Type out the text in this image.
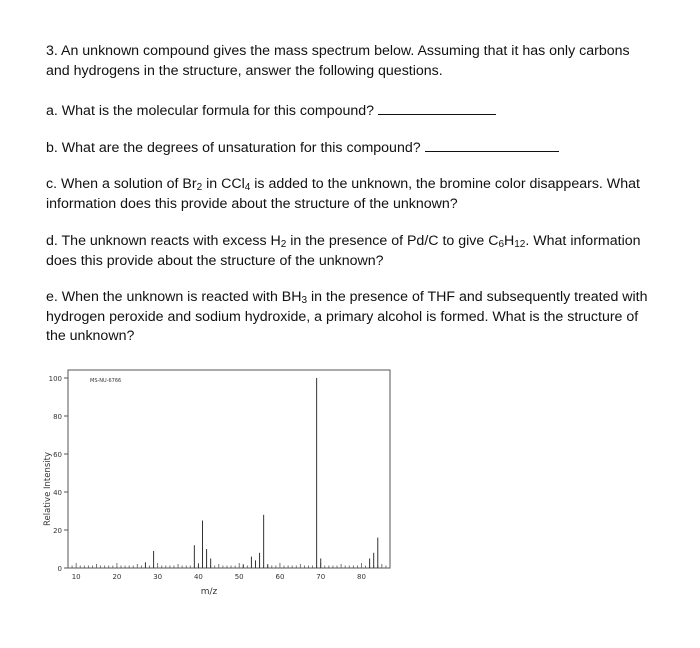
3. An unknown compound gives the mass spectrum below. Assuming that it has only carbons
and hydrogens in the structure, answer the following questions.
a. What is the molecular formula for this compound?
b. What are the degrees of unsaturation for this compound?
c. When a solution of $Br_2$ in CCl$_4$ is added to the unknown, the bromine color disappears. What
information does this provide about the structure of the unknown?
d. The unknown reacts with excess $H_2$ in the presence of Pd/C to give $C_6H_{12}$. What information
does this provide about the structure of the unknown?
e. When the unknown is reacted with $BH_3$ in the presence of THF and subsequently treated with
hydrogen peroxide and sodium hydroxide, a primary alcohol is formed. What is the structure of
the unknown?
0
20
40
60
80
100
10	20	30	40	50	60	70	80
MS-NU-6766
m/z
Relative Intensity
